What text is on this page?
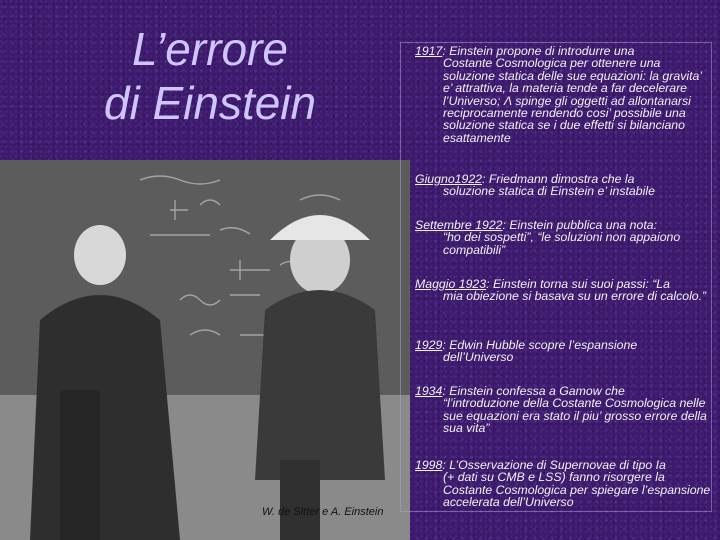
L’errore
di Einstein
W. de Sitter e A. Einstein
1917: Einstein propone di introdurre una
Costante Cosmologica per ottenere una soluzione statica delle sue equazioni: la gravita’ e’ attrattiva, la materia tende a far decelerare l’Universo; Λ spinge gli oggetti ad allontanarsi reciprocamente rendendo cosi’ possibile una soluzione statica se i due effetti si bilanciano esattamente
Giugno1922: Friedmann dimostra che la
soluzione statica di Einstein e’ instabile
Settembre 1922: Einstein pubblica una nota:
“ho dei sospetti”, “le soluzioni non appaiono compatibili”
Maggio 1923: Einstein torna sui suoi passi: “La
mia obiezione si basava su un errore di calcolo.”
1929: Edwin Hubble scopre l’espansione
dell’Universo
1934: Einstein confessa a Gamow che
“l’introduzione della Costante Cosmologica nelle sue equazioni era stato il piu’ grosso errore della sua vita”
1998: L’Osservazione di Supernovae di tipo Ia
(+ dati su CMB e LSS) fanno risorgere la Costante Cosmologica per spiegare l’espansione accelerata dell’Universo
